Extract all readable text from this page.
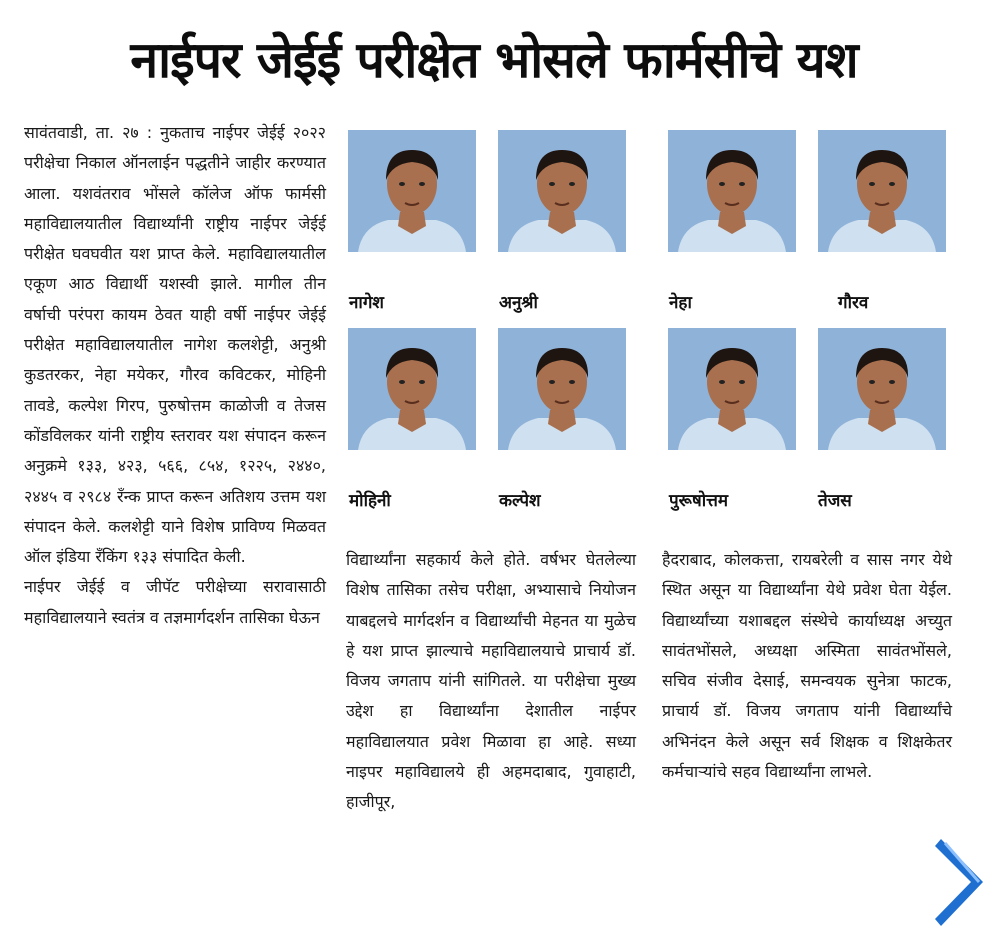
नाईपर जेईई परीक्षेत भोसले फार्मसीचे यश
सावंतवाडी, ता. २७ : नुकताच नाईपर जेईई २०२२ परीक्षेचा निकाल ऑनलाईन पद्धतीने जाहीर करण्यात आला. यशवंतराव भोंसले कॉलेज ऑफ फार्मसी महाविद्यालयातील विद्यार्थ्यांनी राष्ट्रीय नाईपर जेईई परीक्षेत घवघवीत यश प्राप्त केले. महाविद्यालयातील एकूण आठ विद्यार्थी यशस्वी झाले. मागील तीन वर्षाची परंपरा कायम ठेवत याही वर्षी नाईपर जेईई परीक्षेत महाविद्यालयातील नागेश कलशेट्टी, अनुश्री कुडतरकर, नेहा मयेकर, गौरव कविटकर, मोहिनी तावडे, कल्पेश गिरप, पुरुषोत्तम काळोजी व तेजस कोंडविलकर यांनी राष्ट्रीय स्तरावर यश संपादन करून अनुक्रमे १३३, ४२३, ५६६, ८५४, १२२५, २४४०, २४४५ व २९८४ रँन्क प्राप्त करून अतिशय उत्तम यश संपादन केले. कलशेट्टी याने विशेष प्राविण्य मिळवत ऑल इंडिया रँकिंग १३३ संपादित केली.
नाईपर जेईई व जीपॅट परीक्षेच्या सरावासाठी महाविद्यालयाने स्वतंत्र व तज्ञमार्गदर्शन तासिका घेऊन
विद्यार्थ्यांना सहकार्य केले होते. वर्षभर घेतलेल्या विशेष तासिका तसेच परीक्षा, अभ्यासाचे नियोजन याबद्दलचे मार्गदर्शन व विद्यार्थ्यांची मेहनत या मुळेच हे यश प्राप्त झाल्याचे महाविद्यालयाचे प्राचार्य डॉ. विजय जगताप यांनी सांगितले. या परीक्षेचा मुख्य उद्देश हा विद्यार्थ्यांना देशातील नाईपर महाविद्यालयात प्रवेश मिळावा हा आहे. सध्या नाइपर महाविद्यालये ही अहमदाबाद, गुवाहाटी, हाजीपूर,
हैदराबाद, कोलकत्ता, रायबरेली व सास नगर येथे स्थित असून या विद्यार्थ्यांना येथे प्रवेश घेता येईल. विद्यार्थ्यांच्या यशाबद्दल संस्थेचे कार्याध्यक्ष अच्युत सावंतभोंसले, अध्यक्षा अस्मिता सावंतभोंसले, सचिव संजीव देसाई, समन्वयक सुनेत्रा फाटक, प्राचार्य डॉ. विजय जगताप यांनी विद्यार्थ्यांचे अभिनंदन केले असून सर्व शिक्षक व शिक्षकेतर कर्मचाऱ्यांचे सहव विद्यार्थ्यांना लाभले.
नागेश	अनुश्री	नेहा	गौरव
मोहिनी	कल्पेश	पुरूषोत्तम	तेजस
